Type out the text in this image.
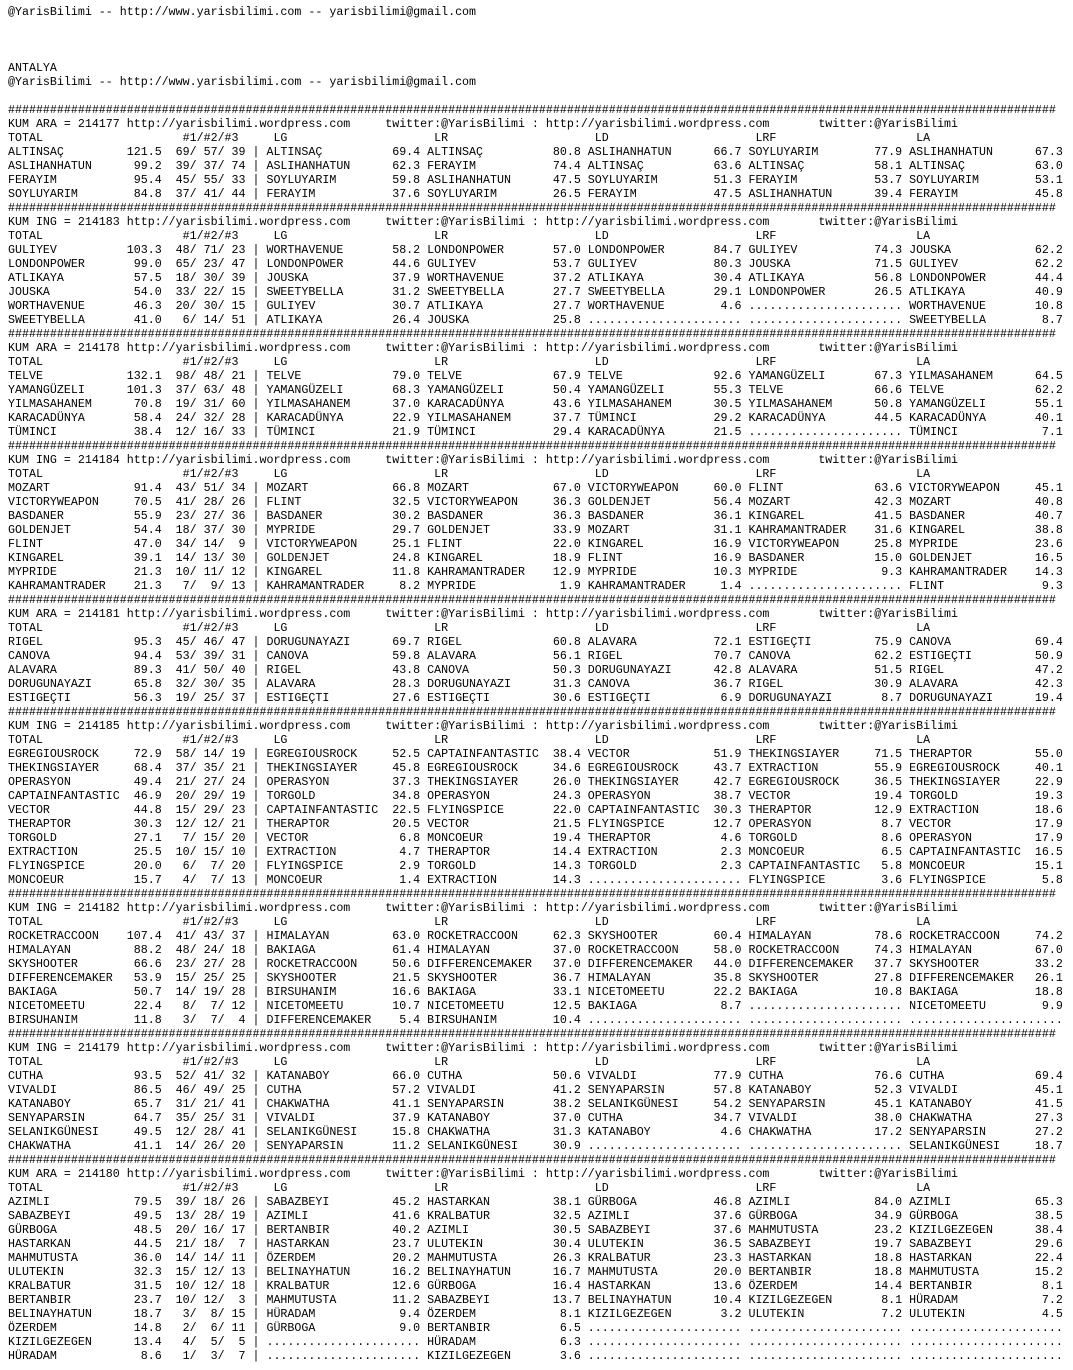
@YarisBilimi -- http://www.yarisbilimi.com -- yarisbilimi@gmail.com
ANTALYA
@YarisBilimi -- http://www.yarisbilimi.com -- yarisbilimi@gmail.com
######################################################################################################################################################
KUM ARA = 214177 http://yarisbilimi.wordpress.com     twitter:@YarisBilimi : http://yarisbilimi.wordpress.com       twitter:@YarisBilimi
TOTAL                    #1/#2/#3     LG                     LR                     LD                     LRF                    LA
ALTINSAÇ         121.5  69/ 57/ 39 | ALTINSAÇ          69.4 ALTINSAÇ          80.8 ASLIHANHATUN      66.7 SOYLUYARIM        77.9 ASLIHANHATUN      67.3
ASLIHANHATUN      99.2  39/ 37/ 74 | ASLIHANHATUN      62.3 FERAYIM           74.4 ALTINSAÇ          63.6 ALTINSAÇ          58.1 ALTINSAÇ          63.0
FERAYIM           95.4  45/ 55/ 33 | SOYLUYARIM        59.8 ASLIHANHATUN      47.5 SOYLUYARIM        51.3 FERAYIM           53.7 SOYLUYARIM        53.1
SOYLUYARIM        84.8  37/ 41/ 44 | FERAYIM           37.6 SOYLUYARIM        26.5 FERAYIM           47.5 ASLIHANHATUN      39.4 FERAYIM           45.8
######################################################################################################################################################
KUM ING = 214183 http://yarisbilimi.wordpress.com     twitter:@YarisBilimi : http://yarisbilimi.wordpress.com       twitter:@YarisBilimi
TOTAL                    #1/#2/#3     LG                     LR                     LD                     LRF                    LA
GULIYEV          103.3  48/ 71/ 23 | WORTHAVENUE       58.2 LONDONPOWER       57.0 LONDONPOWER       84.7 GULIYEV           74.3 JOUSKA            62.2
LONDONPOWER       99.0  65/ 23/ 47 | LONDONPOWER       44.6 GULIYEV           53.7 GULIYEV           80.3 JOUSKA            71.5 GULIYEV           62.2
ATLIKAYA          57.5  18/ 30/ 39 | JOUSKA            37.9 WORTHAVENUE       37.2 ATLIKAYA          30.4 ATLIKAYA          56.8 LONDONPOWER       44.4
JOUSKA            54.0  33/ 22/ 15 | SWEETYBELLA       31.2 SWEETYBELLA       27.7 SWEETYBELLA       29.1 LONDONPOWER       26.5 ATLIKAYA          40.9
WORTHAVENUE       46.3  20/ 30/ 15 | GULIYEV           30.7 ATLIKAYA          27.7 WORTHAVENUE        4.6 ...................... WORTHAVENUE       10.8
SWEETYBELLA       41.0   6/ 14/ 51 | ATLIKAYA          26.4 JOUSKA            25.8 ...................... ...................... SWEETYBELLA        8.7
######################################################################################################################################################
KUM ARA = 214178 http://yarisbilimi.wordpress.com     twitter:@YarisBilimi : http://yarisbilimi.wordpress.com       twitter:@YarisBilimi
TOTAL                    #1/#2/#3     LG                     LR                     LD                     LRF                    LA
TELVE            132.1  98/ 48/ 21 | TELVE             79.0 TELVE             67.9 TELVE             92.6 YAMANGÜZELI       67.3 YILMASAHANEM      64.5
YAMANGÜZELI      101.3  37/ 63/ 48 | YAMANGÜZELI       68.3 YAMANGÜZELI       50.4 YAMANGÜZELI       55.3 TELVE             66.6 TELVE             62.2
YILMASAHANEM      70.8  19/ 31/ 60 | YILMASAHANEM      37.0 KARACADÜNYA       43.6 YILMASAHANEM      30.5 YILMASAHANEM      50.8 YAMANGÜZELI       55.1
KARACADÜNYA       58.4  24/ 32/ 28 | KARACADÜNYA       22.9 YILMASAHANEM      37.7 TÜMINCI           29.2 KARACADÜNYA       44.5 KARACADÜNYA       40.1
TÜMINCI           38.4  12/ 16/ 33 | TÜMINCI           21.9 TÜMINCI           29.4 KARACADÜNYA       21.5 ...................... TÜMINCI            7.1
######################################################################################################################################################
KUM ING = 214184 http://yarisbilimi.wordpress.com     twitter:@YarisBilimi : http://yarisbilimi.wordpress.com       twitter:@YarisBilimi
TOTAL                    #1/#2/#3     LG                     LR                     LD                     LRF                    LA
MOZART            91.4  43/ 51/ 34 | MOZART            66.8 MOZART            67.0 VICTORYWEAPON     60.0 FLINT             63.6 VICTORYWEAPON     45.1
VICTORYWEAPON     70.5  41/ 28/ 26 | FLINT             32.5 VICTORYWEAPON     36.3 GOLDENJET         56.4 MOZART            42.3 MOZART            40.8
BASDANER          55.9  23/ 27/ 36 | BASDANER          30.2 BASDANER          36.3 BASDANER          36.1 KINGAREL          41.5 BASDANER          40.7
GOLDENJET         54.4  18/ 37/ 30 | MYPRIDE           29.7 GOLDENJET         33.9 MOZART            31.1 KAHRAMANTRADER    31.6 KINGAREL          38.8
FLINT             47.0  34/ 14/  9 | VICTORYWEAPON     25.1 FLINT             22.0 KINGAREL          16.9 VICTORYWEAPON     25.8 MYPRIDE           23.6
KINGAREL          39.1  14/ 13/ 30 | GOLDENJET         24.8 KINGAREL          18.9 FLINT             16.9 BASDANER          15.0 GOLDENJET         16.5
MYPRIDE           21.3  10/ 11/ 12 | KINGAREL          11.8 KAHRAMANTRADER    12.9 MYPRIDE           10.3 MYPRIDE            9.3 KAHRAMANTRADER    14.3
KAHRAMANTRADER    21.3   7/  9/ 13 | KAHRAMANTRADER     8.2 MYPRIDE            1.9 KAHRAMANTRADER     1.4 ...................... FLINT              9.3
######################################################################################################################################################
KUM ARA = 214181 http://yarisbilimi.wordpress.com     twitter:@YarisBilimi : http://yarisbilimi.wordpress.com       twitter:@YarisBilimi
TOTAL                    #1/#2/#3     LG                     LR                     LD                     LRF                    LA
RIGEL             95.3  45/ 46/ 47 | DORUGUNAYAZI      69.7 RIGEL             60.8 ALAVARA           72.1 ESTIGEÇTI         75.9 CANOVA            69.4
CANOVA            94.4  53/ 39/ 31 | CANOVA            59.8 ALAVARA           56.1 RIGEL             70.7 CANOVA            62.2 ESTIGEÇTI         50.9
ALAVARA           89.3  41/ 50/ 40 | RIGEL             43.8 CANOVA            50.3 DORUGUNAYAZI      42.8 ALAVARA           51.5 RIGEL             47.2
DORUGUNAYAZI      65.8  32/ 30/ 35 | ALAVARA           28.3 DORUGUNAYAZI      31.3 CANOVA            36.7 RIGEL             30.9 ALAVARA           42.3
ESTIGEÇTI         56.3  19/ 25/ 37 | ESTIGEÇTI         27.6 ESTIGEÇTI         30.6 ESTIGEÇTI          6.9 DORUGUNAYAZI       8.7 DORUGUNAYAZI      19.4
######################################################################################################################################################
KUM ING = 214185 http://yarisbilimi.wordpress.com     twitter:@YarisBilimi : http://yarisbilimi.wordpress.com       twitter:@YarisBilimi
TOTAL                    #1/#2/#3     LG                     LR                     LD                     LRF                    LA
EGREGIOUSROCK     72.9  58/ 14/ 19 | EGREGIOUSROCK     52.5 CAPTAINFANTASTIC  38.4 VECTOR            51.9 THEKINGSIAYER     71.5 THERAPTOR         55.0
THEKINGSIAYER     68.4  37/ 35/ 21 | THEKINGSIAYER     45.8 EGREGIOUSROCK     34.6 EGREGIOUSROCK     43.7 EXTRACTION        55.9 EGREGIOUSROCK     40.1
OPERASYON         49.4  21/ 27/ 24 | OPERASYON         37.3 THEKINGSIAYER     26.0 THEKINGSIAYER     42.7 EGREGIOUSROCK     36.5 THEKINGSIAYER     22.9
CAPTAINFANTASTIC  46.9  20/ 29/ 19 | TORGOLD           34.8 OPERASYON         24.3 OPERASYON         38.7 VECTOR            19.4 TORGOLD           19.3
VECTOR            44.8  15/ 29/ 23 | CAPTAINFANTASTIC  22.5 FLYINGSPICE       22.0 CAPTAINFANTASTIC  30.3 THERAPTOR         12.9 EXTRACTION        18.6
THERAPTOR         30.3  12/ 12/ 21 | THERAPTOR         20.5 VECTOR            21.5 FLYINGSPICE       12.7 OPERASYON          8.7 VECTOR            17.9
TORGOLD           27.1   7/ 15/ 20 | VECTOR             6.8 MONCOEUR          19.4 THERAPTOR          4.6 TORGOLD            8.6 OPERASYON         17.9
EXTRACTION        25.5  10/ 15/ 10 | EXTRACTION         4.7 THERAPTOR         14.4 EXTRACTION         2.3 MONCOEUR           6.5 CAPTAINFANTASTIC  16.5
FLYINGSPICE       20.0   6/  7/ 20 | FLYINGSPICE        2.9 TORGOLD           14.3 TORGOLD            2.3 CAPTAINFANTASTIC   5.8 MONCOEUR          15.1
MONCOEUR          15.7   4/  7/ 13 | MONCOEUR           1.4 EXTRACTION        14.3 ...................... FLYINGSPICE        3.6 FLYINGSPICE        5.8
######################################################################################################################################################
KUM ING = 214182 http://yarisbilimi.wordpress.com     twitter:@YarisBilimi : http://yarisbilimi.wordpress.com       twitter:@YarisBilimi
TOTAL                    #1/#2/#3     LG                     LR                     LD                     LRF                    LA
ROCKETRACCOON    107.4  41/ 43/ 37 | HIMALAYAN         63.0 ROCKETRACCOON     62.3 SKYSHOOTER        60.4 HIMALAYAN         78.6 ROCKETRACCOON     74.2
HIMALAYAN         88.2  48/ 24/ 18 | BAKIAGA           61.4 HIMALAYAN         37.0 ROCKETRACCOON     58.0 ROCKETRACCOON     74.3 HIMALAYAN         67.0
SKYSHOOTER        66.6  23/ 27/ 28 | ROCKETRACCOON     50.6 DIFFERENCEMAKER   37.0 DIFFERENCEMAKER   44.0 DIFFERENCEMAKER   37.7 SKYSHOOTER        33.2
DIFFERENCEMAKER   53.9  15/ 25/ 25 | SKYSHOOTER        21.5 SKYSHOOTER        36.7 HIMALAYAN         35.8 SKYSHOOTER        27.8 DIFFERENCEMAKER   26.1
BAKIAGA           50.7  14/ 19/ 28 | BIRSUHANIM        16.6 BAKIAGA           33.1 NICETOMEETU       22.2 BAKIAGA           10.8 BAKIAGA           18.8
NICETOMEETU       22.4   8/  7/ 12 | NICETOMEETU       10.7 NICETOMEETU       12.5 BAKIAGA            8.7 ...................... NICETOMEETU        9.9
BIRSUHANIM        11.8   3/  7/  4 | DIFFERENCEMAKER    5.4 BIRSUHANIM        10.4 ...................... ...................... ......................
######################################################################################################################################################
KUM ING = 214179 http://yarisbilimi.wordpress.com     twitter:@YarisBilimi : http://yarisbilimi.wordpress.com       twitter:@YarisBilimi
TOTAL                    #1/#2/#3     LG                     LR                     LD                     LRF                    LA
CUTHA             93.5  52/ 41/ 32 | KATANABOY         66.0 CUTHA             50.6 VIVALDI           77.9 CUTHA             76.6 CUTHA             69.4
VIVALDI           86.5  46/ 49/ 25 | CUTHA             57.2 VIVALDI           41.2 SENYAPARSIN       57.8 KATANABOY         52.3 VIVALDI           45.1
KATANABOY         65.7  31/ 21/ 41 | CHAKWATHA         41.1 SENYAPARSIN       38.2 SELANIKGÜNESI     54.2 SENYAPARSIN       45.1 KATANABOY         41.5
SENYAPARSIN       64.7  35/ 25/ 31 | VIVALDI           37.9 KATANABOY         37.0 CUTHA             34.7 VIVALDI           38.0 CHAKWATHA         27.3
SELANIKGÜNESI     49.5  12/ 28/ 41 | SELANIKGÜNESI     15.8 CHAKWATHA         31.3 KATANABOY          4.6 CHAKWATHA         17.2 SENYAPARSIN       27.2
CHAKWATHA         41.1  14/ 26/ 20 | SENYAPARSIN       11.2 SELANIKGÜNESI     30.9 ...................... ...................... SELANIKGÜNESI     18.7
######################################################################################################################################################
KUM ARA = 214180 http://yarisbilimi.wordpress.com     twitter:@YarisBilimi : http://yarisbilimi.wordpress.com       twitter:@YarisBilimi
TOTAL                    #1/#2/#3     LG                     LR                     LD                     LRF                    LA
AZIMLI            79.5  39/ 18/ 26 | SABAZBEYI         45.2 HASTARKAN         38.1 GÜRBOGA           46.8 AZIMLI            84.0 AZIMLI            65.3
SABAZBEYI         49.5  13/ 28/ 19 | AZIMLI            41.6 KRALBATUR         32.5 AZIMLI            37.6 GÜRBOGA           34.9 GÜRBOGA           38.5
GÜRBOGA           48.5  20/ 16/ 17 | BERTANBIR         40.2 AZIMLI            30.5 SABAZBEYI         37.6 MAHMUTUSTA        23.2 KIZILGEZEGEN      38.4
HASTARKAN         44.5  21/ 18/  7 | HASTARKAN         23.7 ULUTEKIN          30.4 ULUTEKIN          36.5 SABAZBEYI         19.7 SABAZBEYI         29.6
MAHMUTUSTA        36.0  14/ 14/ 11 | ÖZERDEM           20.2 MAHMUTUSTA        26.3 KRALBATUR         23.3 HASTARKAN         18.8 HASTARKAN         22.4
ULUTEKIN          32.3  15/ 12/ 13 | BELINAYHATUN      16.2 BELINAYHATUN      16.7 MAHMUTUSTA        20.0 BERTANBIR         18.8 MAHMUTUSTA        15.2
KRALBATUR         31.5  10/ 12/ 18 | KRALBATUR         12.6 GÜRBOGA           16.4 HASTARKAN         13.6 ÖZERDEM           14.4 BERTANBIR          8.1
BERTANBIR         23.7  10/ 12/  3 | MAHMUTUSTA        11.2 SABAZBEYI         13.7 BELINAYHATUN      10.4 KIZILGEZEGEN       8.1 HÜRADAM            7.2
BELINAYHATUN      18.7   3/  8/ 15 | HÜRADAM            9.4 ÖZERDEM            8.1 KIZILGEZEGEN       3.2 ULUTEKIN           7.2 ULUTEKIN           4.5
ÖZERDEM           14.8   2/  6/ 11 | GÜRBOGA            9.0 BERTANBIR          6.5 ...................... ...................... ......................
KIZILGEZEGEN      13.4   4/  5/  5 | ...................... HÜRADAM            6.3 ...................... ...................... ......................
HÜRADAM            8.6   1/  3/  7 | ...................... KIZILGEZEGEN       3.6 ...................... ...................... ......................
